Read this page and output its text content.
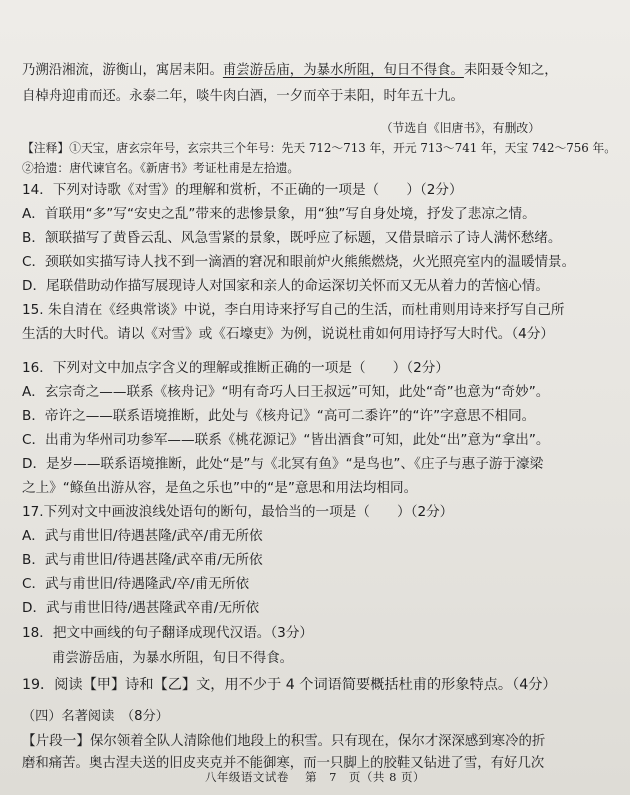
乃溯沿湘流，游衡山，寓居耒阳。甫尝游岳庙，为暴水所阻，旬日不得食。耒阳聂令知之，
自棹舟迎甫而还。永泰二年，啖牛肉白酒，一夕而卒于耒阳，时年五十九。
（节选自《旧唐书》，有删改）
【注释】①天宝，唐玄宗年号，玄宗共三个年号：先天 712～713 年，开元 713～741 年，天宝 742～756 年。
②拾遗：唐代谏官名。《新唐书》考证杜甫是左拾遗。
14．下列对诗歌《对雪》的理解和赏析，不正确的一项是（　　）（2分）
A．首联用“多”写“安史之乱”带来的悲惨景象，用“独”写自身处境，抒发了悲凉之情。
B．颔联描写了黄昏云乱、风急雪紧的景象，既呼应了标题，又借景暗示了诗人满怀愁绪。
C．颈联如实描写诗人找不到一滴酒的窘况和眼前炉火熊熊燃烧，火光照亮室内的温暖情景。
D．尾联借助动作描写展现诗人对国家和亲人的命运深切关怀而又无从着力的苦恼心情。
15. 朱自清在《经典常谈》中说，李白用诗来抒写自己的生活，而杜甫则用诗来抒写自己所
生活的大时代。请以《对雪》或《石壕吏》为例，说说杜甫如何用诗抒写大时代。（4分）
16．下列对文中加点字含义的理解或推断正确的一项是（　　）（2分）
A．玄宗奇之——联系《核舟记》“明有奇巧人曰王叔远”可知，此处“奇”也意为“奇妙”。
B．帝许之——联系语境推断，此处与《核舟记》“高可二黍许”的“许”字意思不相同。
C．出甫为华州司功参军——联系《桃花源记》“皆出酒食”可知，此处“出”意为“拿出”。
D．是岁——联系语境推断，此处“是”与《北冥有鱼》“是鸟也”、《庄子与惠子游于濠梁
之上》“鲦鱼出游从容，是鱼之乐也”中的“是”意思和用法均相同。
17.下列对文中画波浪线处语句的断句，最恰当的一项是（　　）（2分）
A．武与甫世旧/待遇甚隆/武卒/甫无所依
B．武与甫世旧/待遇甚隆/武卒甫/无所依
C．武与甫世旧/待遇隆武/卒/甫无所依
D．武与甫世旧待/遇甚隆武卒甫/无所依
18．把文中画线的句子翻译成现代汉语。（3分）
甫尝游岳庙，为暴水所阻，旬日不得食。
19．阅读【甲】诗和【乙】文，用不少于 4 个词语简要概括杜甫的形象特点。（4分）
（四）名著阅读　（8分）
【片段一】保尔领着全队人清除他们地段上的积雪。只有现在，保尔才深深感到寒冷的折
磨和痛苦。奥古涅夫送的旧皮夹克并不能御寒，而一只脚上的胶鞋又钻进了雪，有好几次
八年级语文试卷 第　7　页（共 8 页）
